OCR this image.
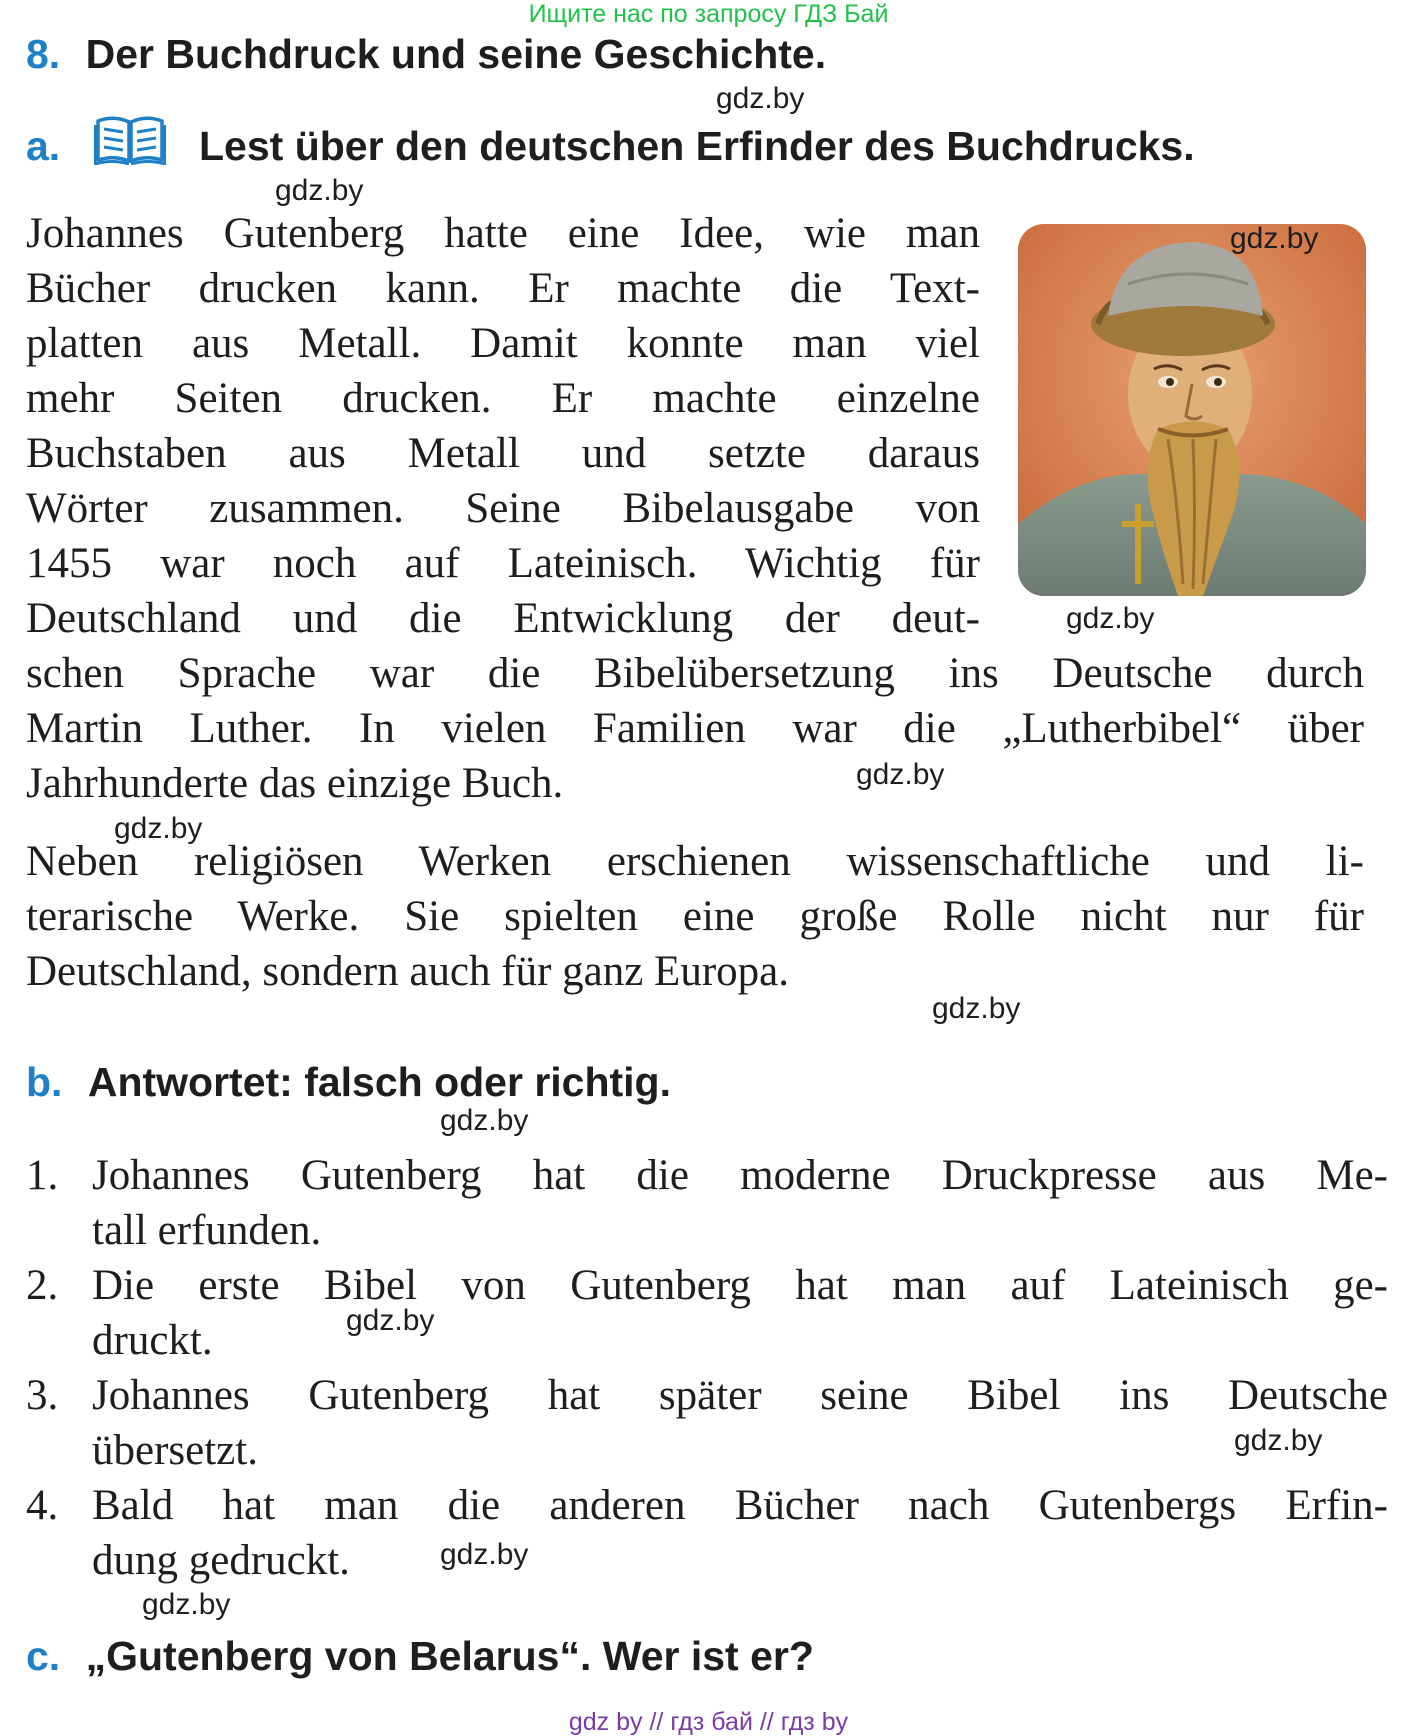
Ищите нас по запросу ГДЗ Бай
8. Der Buchdruck und seine Geschichte.
gdz.by
a.	Lest über den deutschen Erfinder des Buchdrucks.
gdz.by
gdz.by
gdz.by
Johannes Gutenberg hatte eine Idee, wie man
Bücher drucken kann. Er machte die Text-
platten aus Metall. Damit konnte man viel
mehr Seiten drucken. Er machte einzelne
Buchstaben aus Metall und setzte daraus
Wörter zusammen. Seine Bibelausgabe von
1455 war noch auf Lateinisch. Wichtig für
Deutschland und die Entwicklung der deut-
schen Sprache war die Bibelübersetzung ins Deutsche durch
Martin Luther. In vielen Familien war die „Lutherbibel“ über
Jahrhunderte das einzige Buch.	gdz.by
gdz.by
Neben religiösen Werken erschienen wissenschaftliche und li-
terarische Werke. Sie spielten eine große Rolle nicht nur für
Deutschland, sondern auch für ganz Europa.
gdz.by
b. Antwortet: falsch oder richtig.
gdz.by
1. Johannes Gutenberg hat die moderne Druckpresse aus Me-
tall erfunden.
2. Die erste Bibel von Gutenberg hat man auf Lateinisch ge-
druckt.	gdz.by
3. Johannes Gutenberg hat später seine Bibel ins Deutsche
übersetzt.	gdz.by
4. Bald hat man die anderen Bücher nach Gutenbergs Erfin-
dung gedruckt.	gdz.by
gdz.by
c. „Gutenberg von Belarus“. Wer ist er?
gdz by // гдз бай // гдз by
